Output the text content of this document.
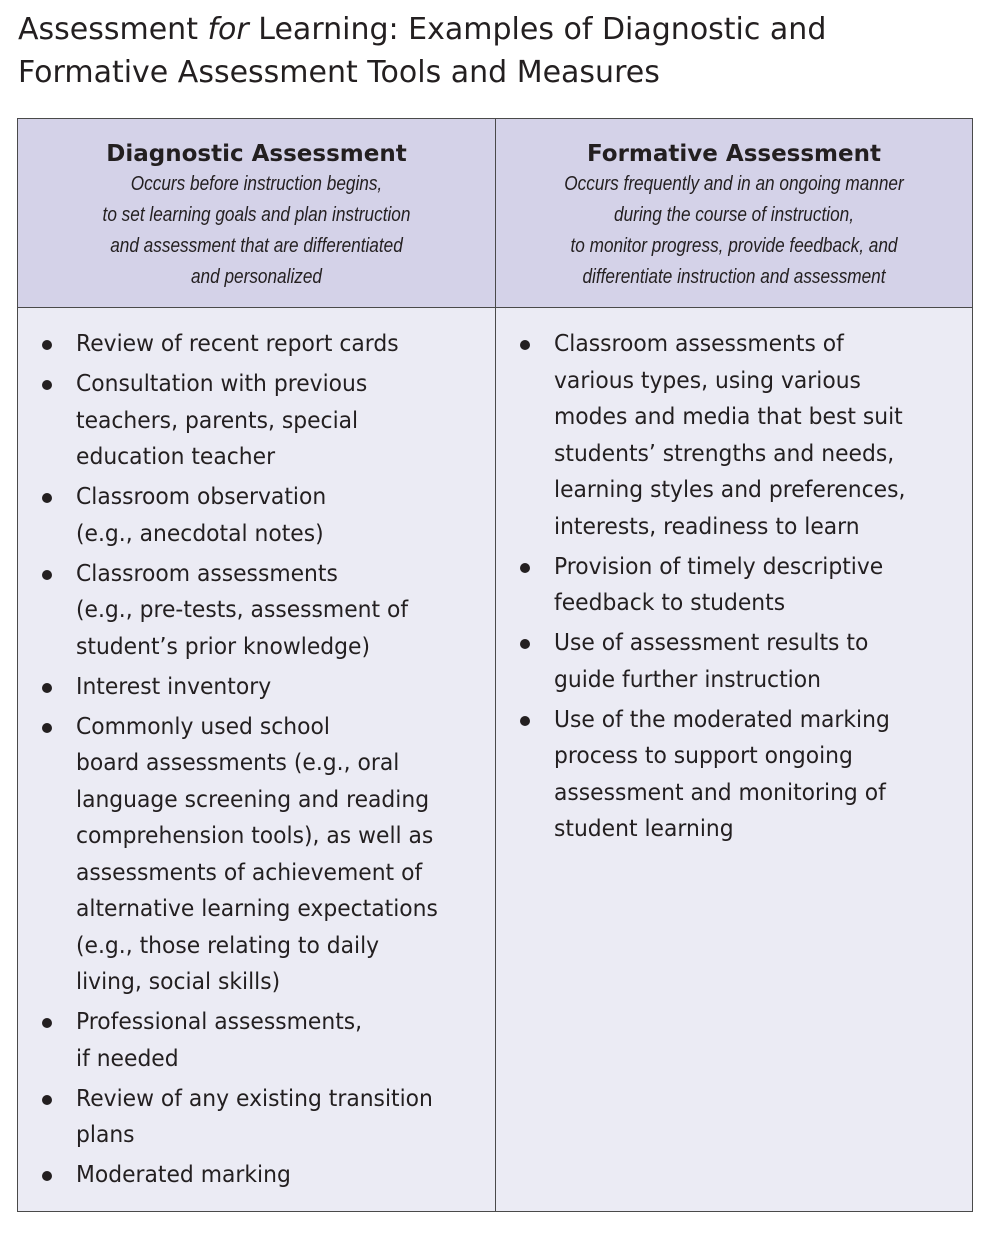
Assessment for Learning: Examples of Diagnostic and
Formative Assessment Tools and Measures

Diagnostic Assessment

Occurs before instruction begins,
to set learning goals and plan instruction
and assessment that are differentiated
and personalized

Formative Assessment

Occurs frequently and in an ongoing manner
during the course of instruction,
to monitor progress, provide feedback, and
differentiate instruction and assessment

Review of recent report cards
Consultation with previous
teachers, parents, special
education teacher
Classroom observation
(e.g., anecdotal notes)
Classroom assessments
(e.g., pre-tests, assessment of
student’s prior knowledge)
Interest inventory
Commonly used school
board assessments (e.g., oral
language screening and reading
comprehension tools), as well as
assessments of achievement of
alternative learning expectations
(e.g., those relating to daily
living, social skills)
Professional assessments,
if needed
Review of any existing transition
plans
Moderated marking
Classroom assessments of
various types, using various
modes and media that best suit
students’ strengths and needs,
learning styles and preferences,
interests, readiness to learn
Provision of timely descriptive
feedback to students
Use of assessment results to
guide further instruction
Use of the moderated marking
process to support ongoing
assessment and monitoring of
student learning
